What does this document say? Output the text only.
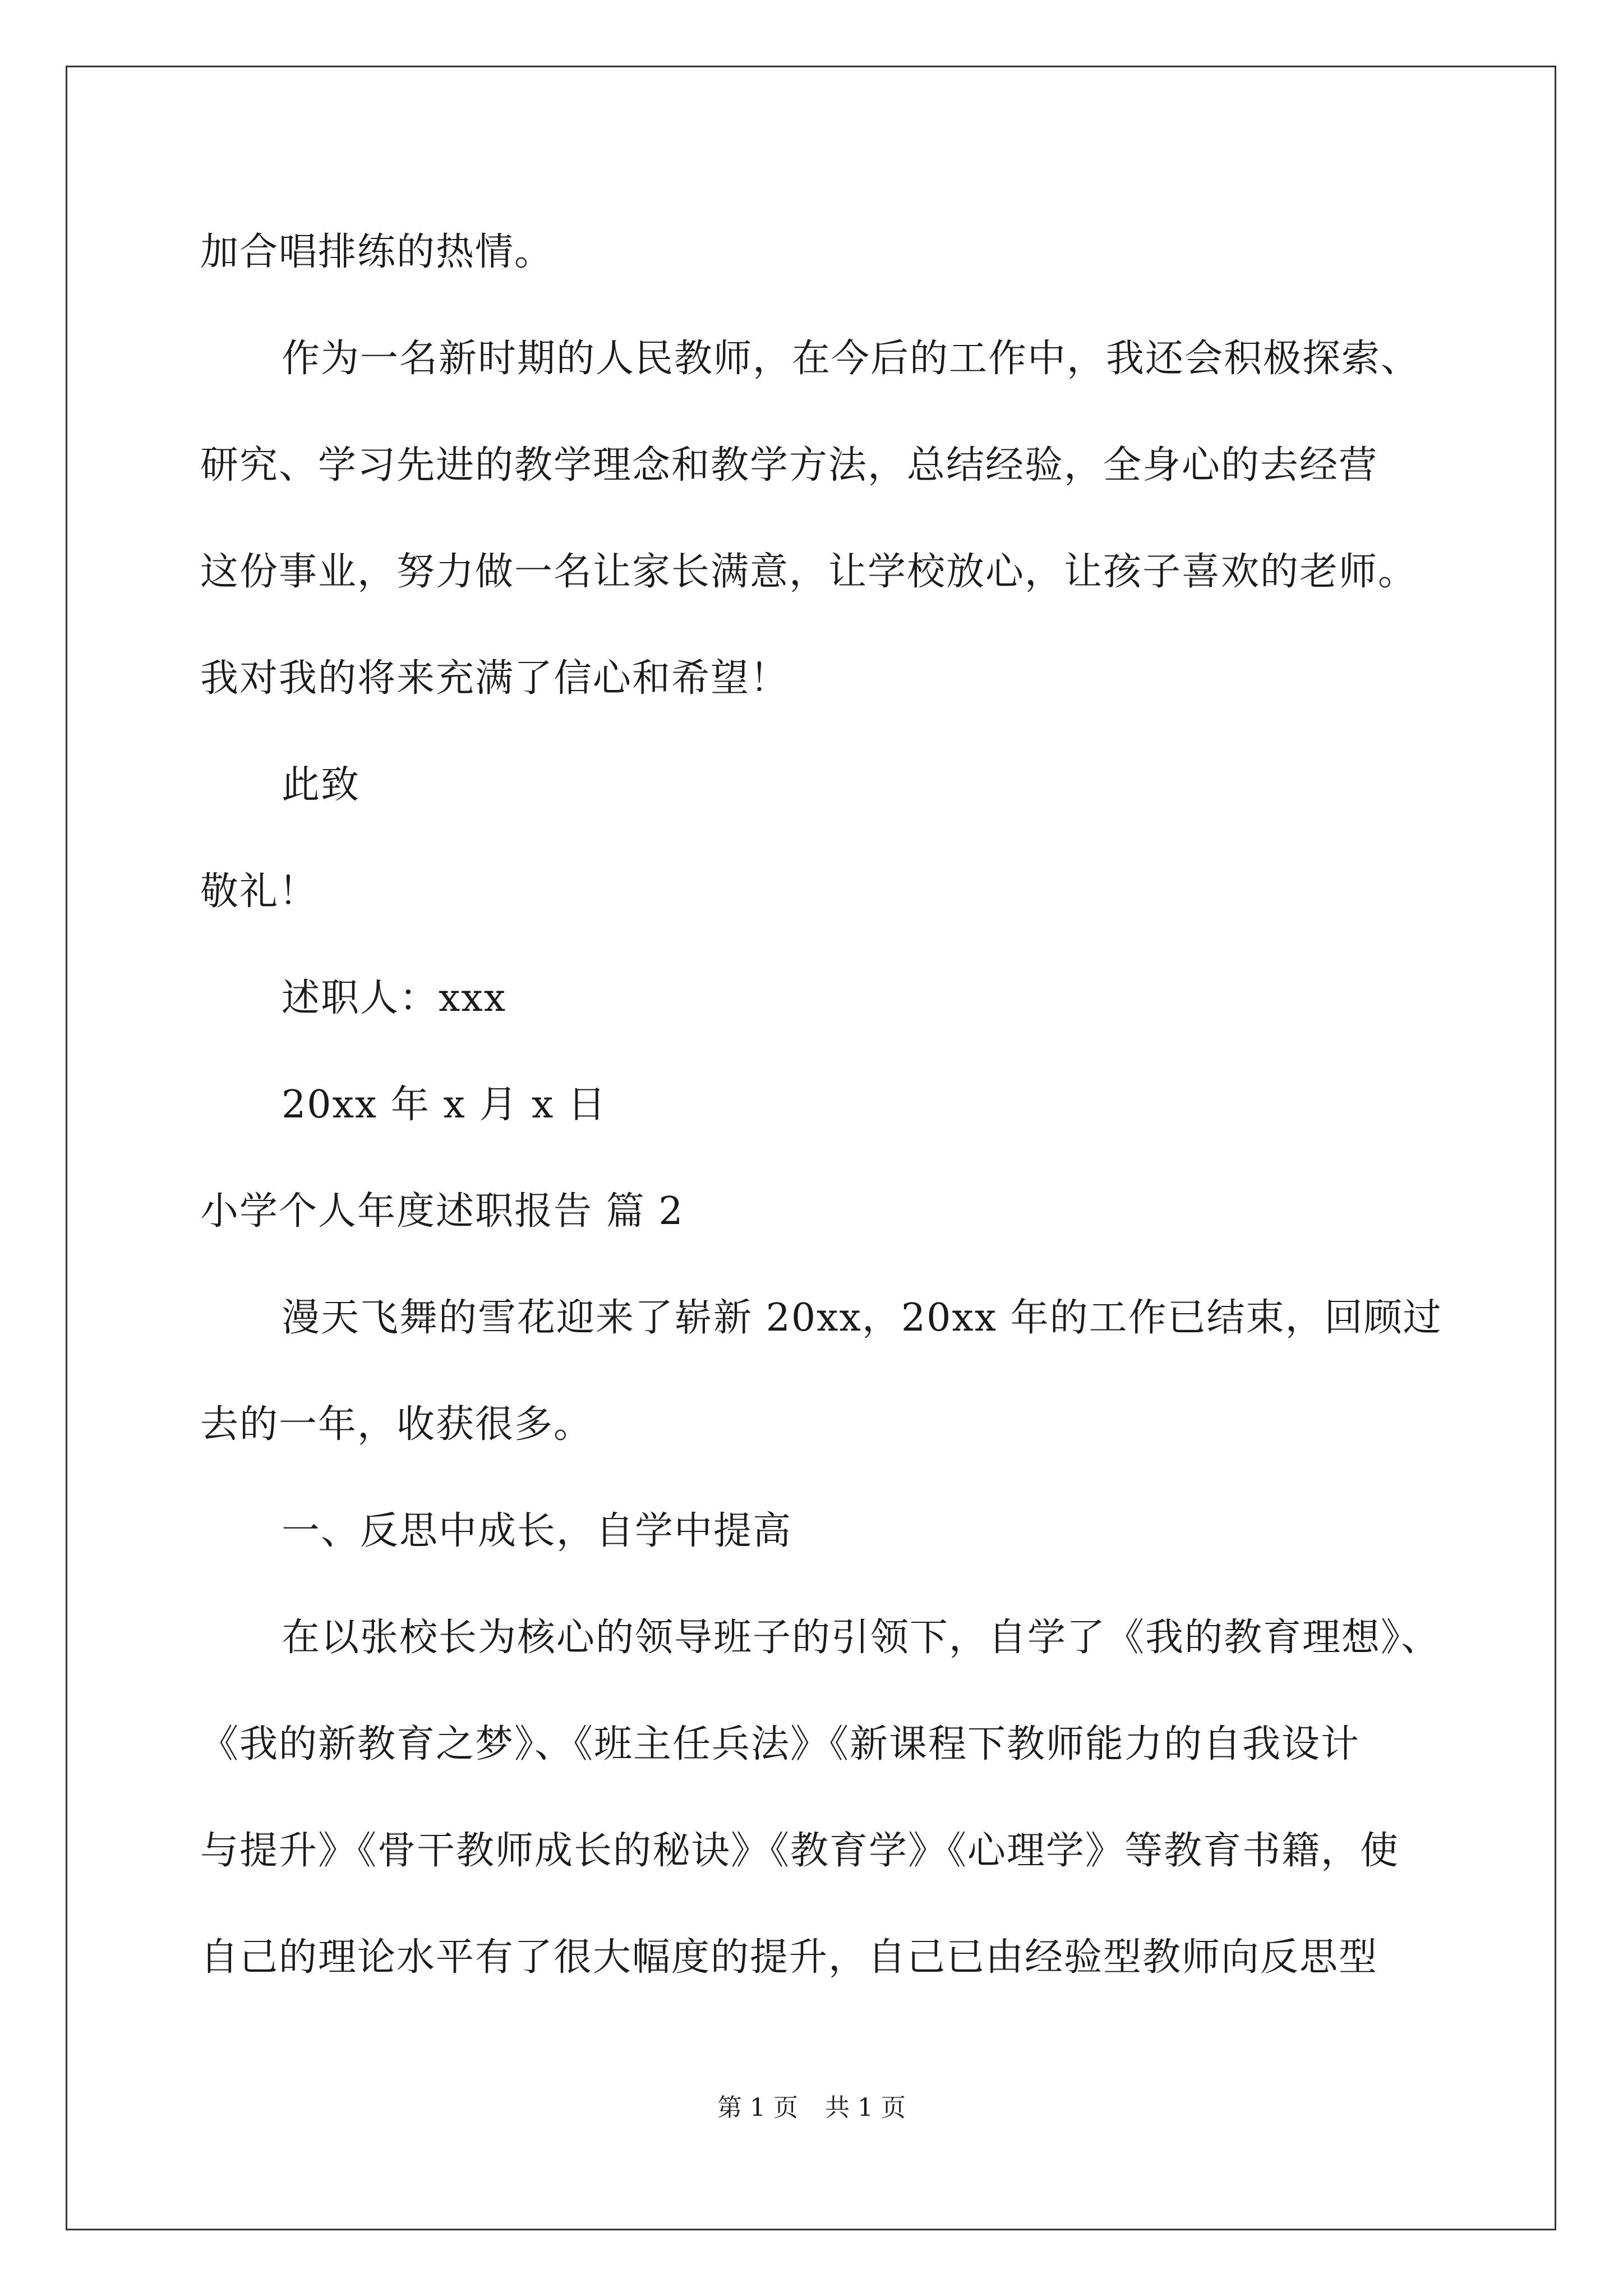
加合唱排练的热情。
作为一名新时期的人民教师，在今后的工作中，我还会积极探索、
研究、学习先进的教学理念和教学方法，总结经验，全身心的去经营
这份事业，努力做一名让家长满意，让学校放心，让孩子喜欢的老师。
我对我的将来充满了信心和希望！
此致
敬礼！
述职人：xxx
20xx 年 x 月 x 日
小学个人年度述职报告 篇 2
漫天飞舞的雪花迎来了崭新 20xx，20xx 年的工作已结束，回顾过
去的一年，收获很多。
一、反思中成长，自学中提高
在以张校长为核心的领导班子的引领下，自学了《我的教育理想》、
《我的新教育之梦》、《班主任兵法》《新课程下教师能力的自我设计
与提升》《骨干教师成长的秘诀》《教育学》《心理学》等教育书籍，使
自己的理论水平有了很大幅度的提升，自己已由经验型教师向反思型
第 1 页 共 1 页
